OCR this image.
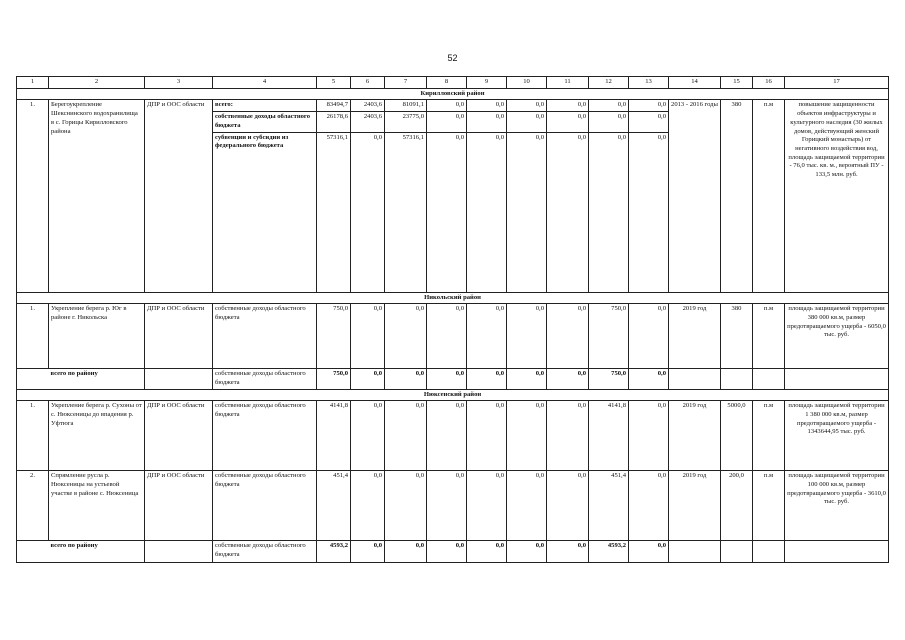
52
1	2	3	4	5	6	7	8	9	10	11	12	13	14	15	16	17
Кирилловский район																
1.	Берегоукрепление Шекснинского водохранилища в с. Горицы Кирилловского района	ДПР и ООС области	всего:	83494,7	2403,6	81091,1	0,0	0,0	0,0	0,0	0,0	0,0	2013 - 2016 годы	380	п.м	повышение защищенности объектов инфраструктуры и культурного наследия (30 жилых домов, действующий женский Горицкий монастырь) от негативного воздействия вод, площадь защищаемой территории - 76,0 тыс. кв. м., вероятный ПУ - 133,5 млн. руб.
			собственные доходы областного бюджета	26178,6	2403,6	23775,0	0,0	0,0	0,0	0,0	0,0	0,0				
			субвенции и субсидии из федерального бюджета	57316,1	0,0	57316,1	0,0	0,0	0,0	0,0	0,0	0,0				
Никольский район																
1.	Укрепление берега р. Юг в районе г. Никольска	ДПР и ООС области	собственные доходы областного бюджета	750,0	0,0	0,0	0,0	0,0	0,0	0,0	750,0	0,0	2019 год	380	п.м	площадь защищаемой территории 380 000 кв.м, размер предотвращаемого ущерба - 6050,0 тыс. руб.
	всего по району		собственные доходы областного бюджета	750,0	0,0	0,0	0,0	0,0	0,0	0,0	750,0	0,0				
Нюксенский район																
1.	Укрепление берега р. Сухоны от с. Нюксеницы до впадения р. Уфтюга	ДПР и ООС области	собственные доходы областного бюджета	4141,8	0,0	0,0	0,0	0,0	0,0	0,0	4141,8	0,0	2019 год	5000,0	п.м	площадь защищаемой территории 1 380 000 кв.м, размер предотвращаемого ущерба - 1343644,95 тыс. руб.
2.	Спрямление русла р. Нюксеницы на устьевой участке в районе с. Нюксеница	ДПР и ООС области	собственные доходы областного бюджета	451,4	0,0	0,0	0,0	0,0	0,0	0,0	451,4	0,0	2019 год	200,0	п.м	площадь защищаемой территории 100 000 кв.м, размер предотвращаемого ущерба - 3610,0 тыс. руб.
	всего по району		собственные доходы областного бюджета	4593,2	0,0	0,0	0,0	0,0	0,0	0,0	4593,2	0,0				
